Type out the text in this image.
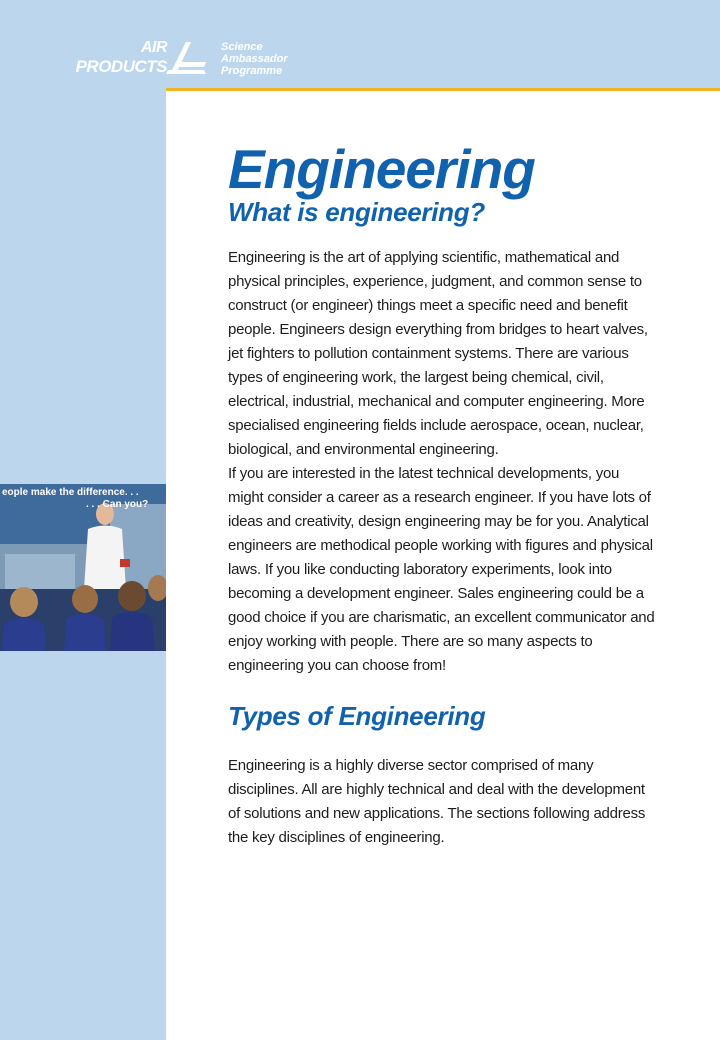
AIR
PRODUCTS
Science
Ambassador
Programme
eople make the difference. . .
. . . Can you?
Engineering
What is engineering?

Engineering is the art of applying scientific, mathematical and physical principles, experience, judgment, and common sense to construct (or engineer) things meet a specific need and benefit people. Engineers design everything from bridges to heart valves, jet fighters to pollution containment systems. There are various types of engineering work, the largest being chemical, civil, electrical, industrial, mechanical and computer engineering. More specialised engineering fields include aerospace, ocean, nuclear, biological, and environmental engineering.

If you are interested in the latest technical developments, you might consider a career as a research engineer. If you have lots of ideas and creativity, design engineering may be for you. Analytical engineers are methodical people working with figures and physical laws. If you like conducting laboratory experiments, look into becoming a development engineer. Sales engineering could be a good choice if you are charismatic, an excellent communicator and enjoy working with people. There are so many aspects to engineering you can choose from!

Types of Engineering

Engineering is a highly diverse sector comprised of many disciplines. All are highly technical and deal with the development of solutions and new applications. The sections following address the key disciplines of engineering.
